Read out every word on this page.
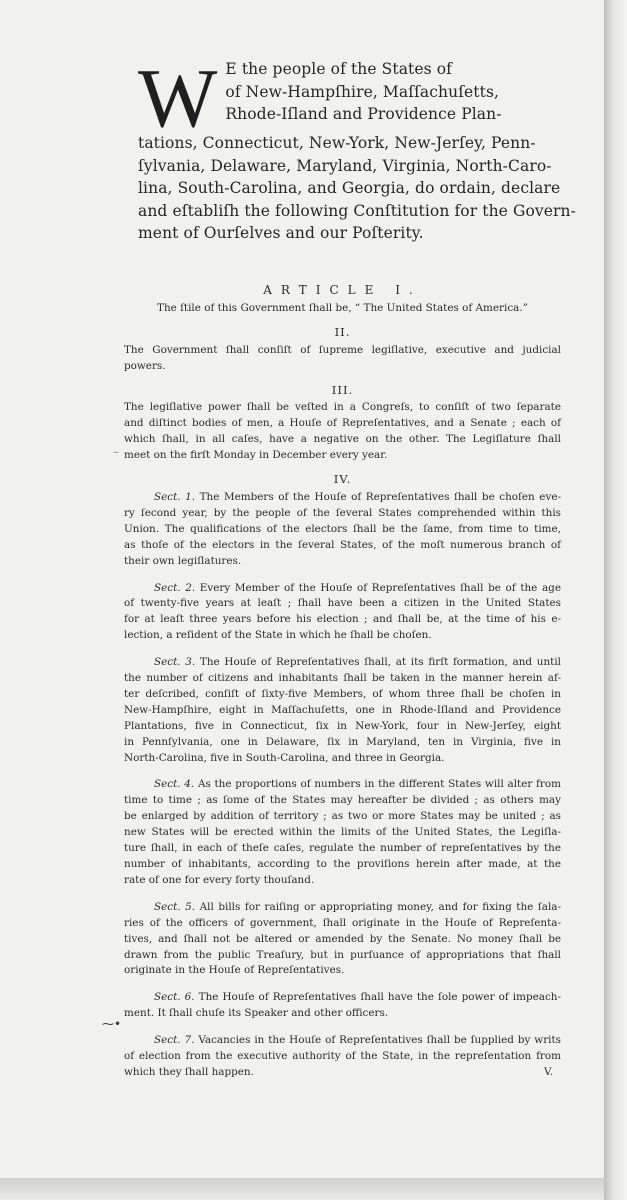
W E the people of the States of
of New-Hampſhire, Maſſachuſetts,
Rhode-Iſland and Providence Plan-
tations, Connecticut, New-York, New-Jerſey, Penn-
ſylvania, Delaware, Maryland, Virginia, North-Caro-
lina, South-Carolina, and Georgia, do ordain, declare
and eſtabliſh the following Conſtitution for the Govern-
ment of Ourſelves and our Poſterity.
ARTICLE I.
The ſtile of this Government ſhall be, “ The United States of America.”
II.
The Government ſhall conſiſt of ſupreme legiſlative, executive and judicial
powers.
III.
The legiſlative power ſhall be veſted in a Congreſs, to conſiſt of two ſeparate
and diſtinct bodies of men, a Houſe of Repreſentatives, and a Senate ; each of
which ſhall, in all caſes, have a negative on the other. The Legiſlature ſhall
meet on the firſt Monday in December every year.
IV.
Sect. 1. The Members of the Houſe of Repreſentatives ſhall be choſen eve-
ry ſecond year, by the people of the ſeveral States comprehended within this
Union. The qualifications of the electors ſhall be the ſame, from time to time,
as thoſe of the electors in the ſeveral States, of the moſt numerous branch of
their own legiſlatures.
Sect. 2. Every Member of the Houſe of Repreſentatives ſhall be of the age
of twenty-five years at leaſt ; ſhall have been a citizen in the United States
for at leaſt three years before his election ; and ſhall be, at the time of his e-
lection, a reſident of the State in which he ſhall be choſen.
Sect. 3. The Houſe of Repreſentatives ſhall, at its firſt formation, and until
the number of citizens and inhabitants ſhall be taken in the manner herein af-
ter deſcribed, conſiſt of ſixty-five Members, of whom three ſhall be choſen in
New-Hampſhire, eight in Maſſachuſetts, one in Rhode-Iſland and Providence
Plantations, five in Connecticut, ſix in New-York, four in New-Jerſey, eight
in Pennſylvania, one in Delaware, ſix in Maryland, ten in Virginia, five in
North-Carolina, five in South-Carolina, and three in Georgia.
Sect. 4. As the proportions of numbers in the different States will alter from
time to time ; as ſome of the States may hereafter be divided ; as others may
be enlarged by addition of territory ; as two or more States may be united ; as
new States will be erected within the limits of the United States, the Legiſla-
ture ſhall, in each of theſe caſes, regulate the number of repreſentatives by the
number of inhabitants, according to the proviſions herein after made, at the
rate of one for every forty thouſand.
Sect. 5. All bills for raiſing or appropriating money, and for fixing the ſala-
ries of the officers of government, ſhall originate in the Houſe of Repreſenta-
tives, and ſhall not be altered or amended by the Senate. No money ſhall be
drawn from the public Treaſury, but in purſuance of appropriations that ſhall
originate in the Houſe of Repreſentatives.
Sect. 6. The Houſe of Repreſentatives ſhall have the ſole power of impeach-
ment. It ſhall chuſe its Speaker and other officers.
Sect. 7. Vacancies in the Houſe of Repreſentatives ſhall be ſupplied by writs
of election from the executive authority of the State, in the repreſentation from
which they ſhall happen.	V.
⁓•
~
